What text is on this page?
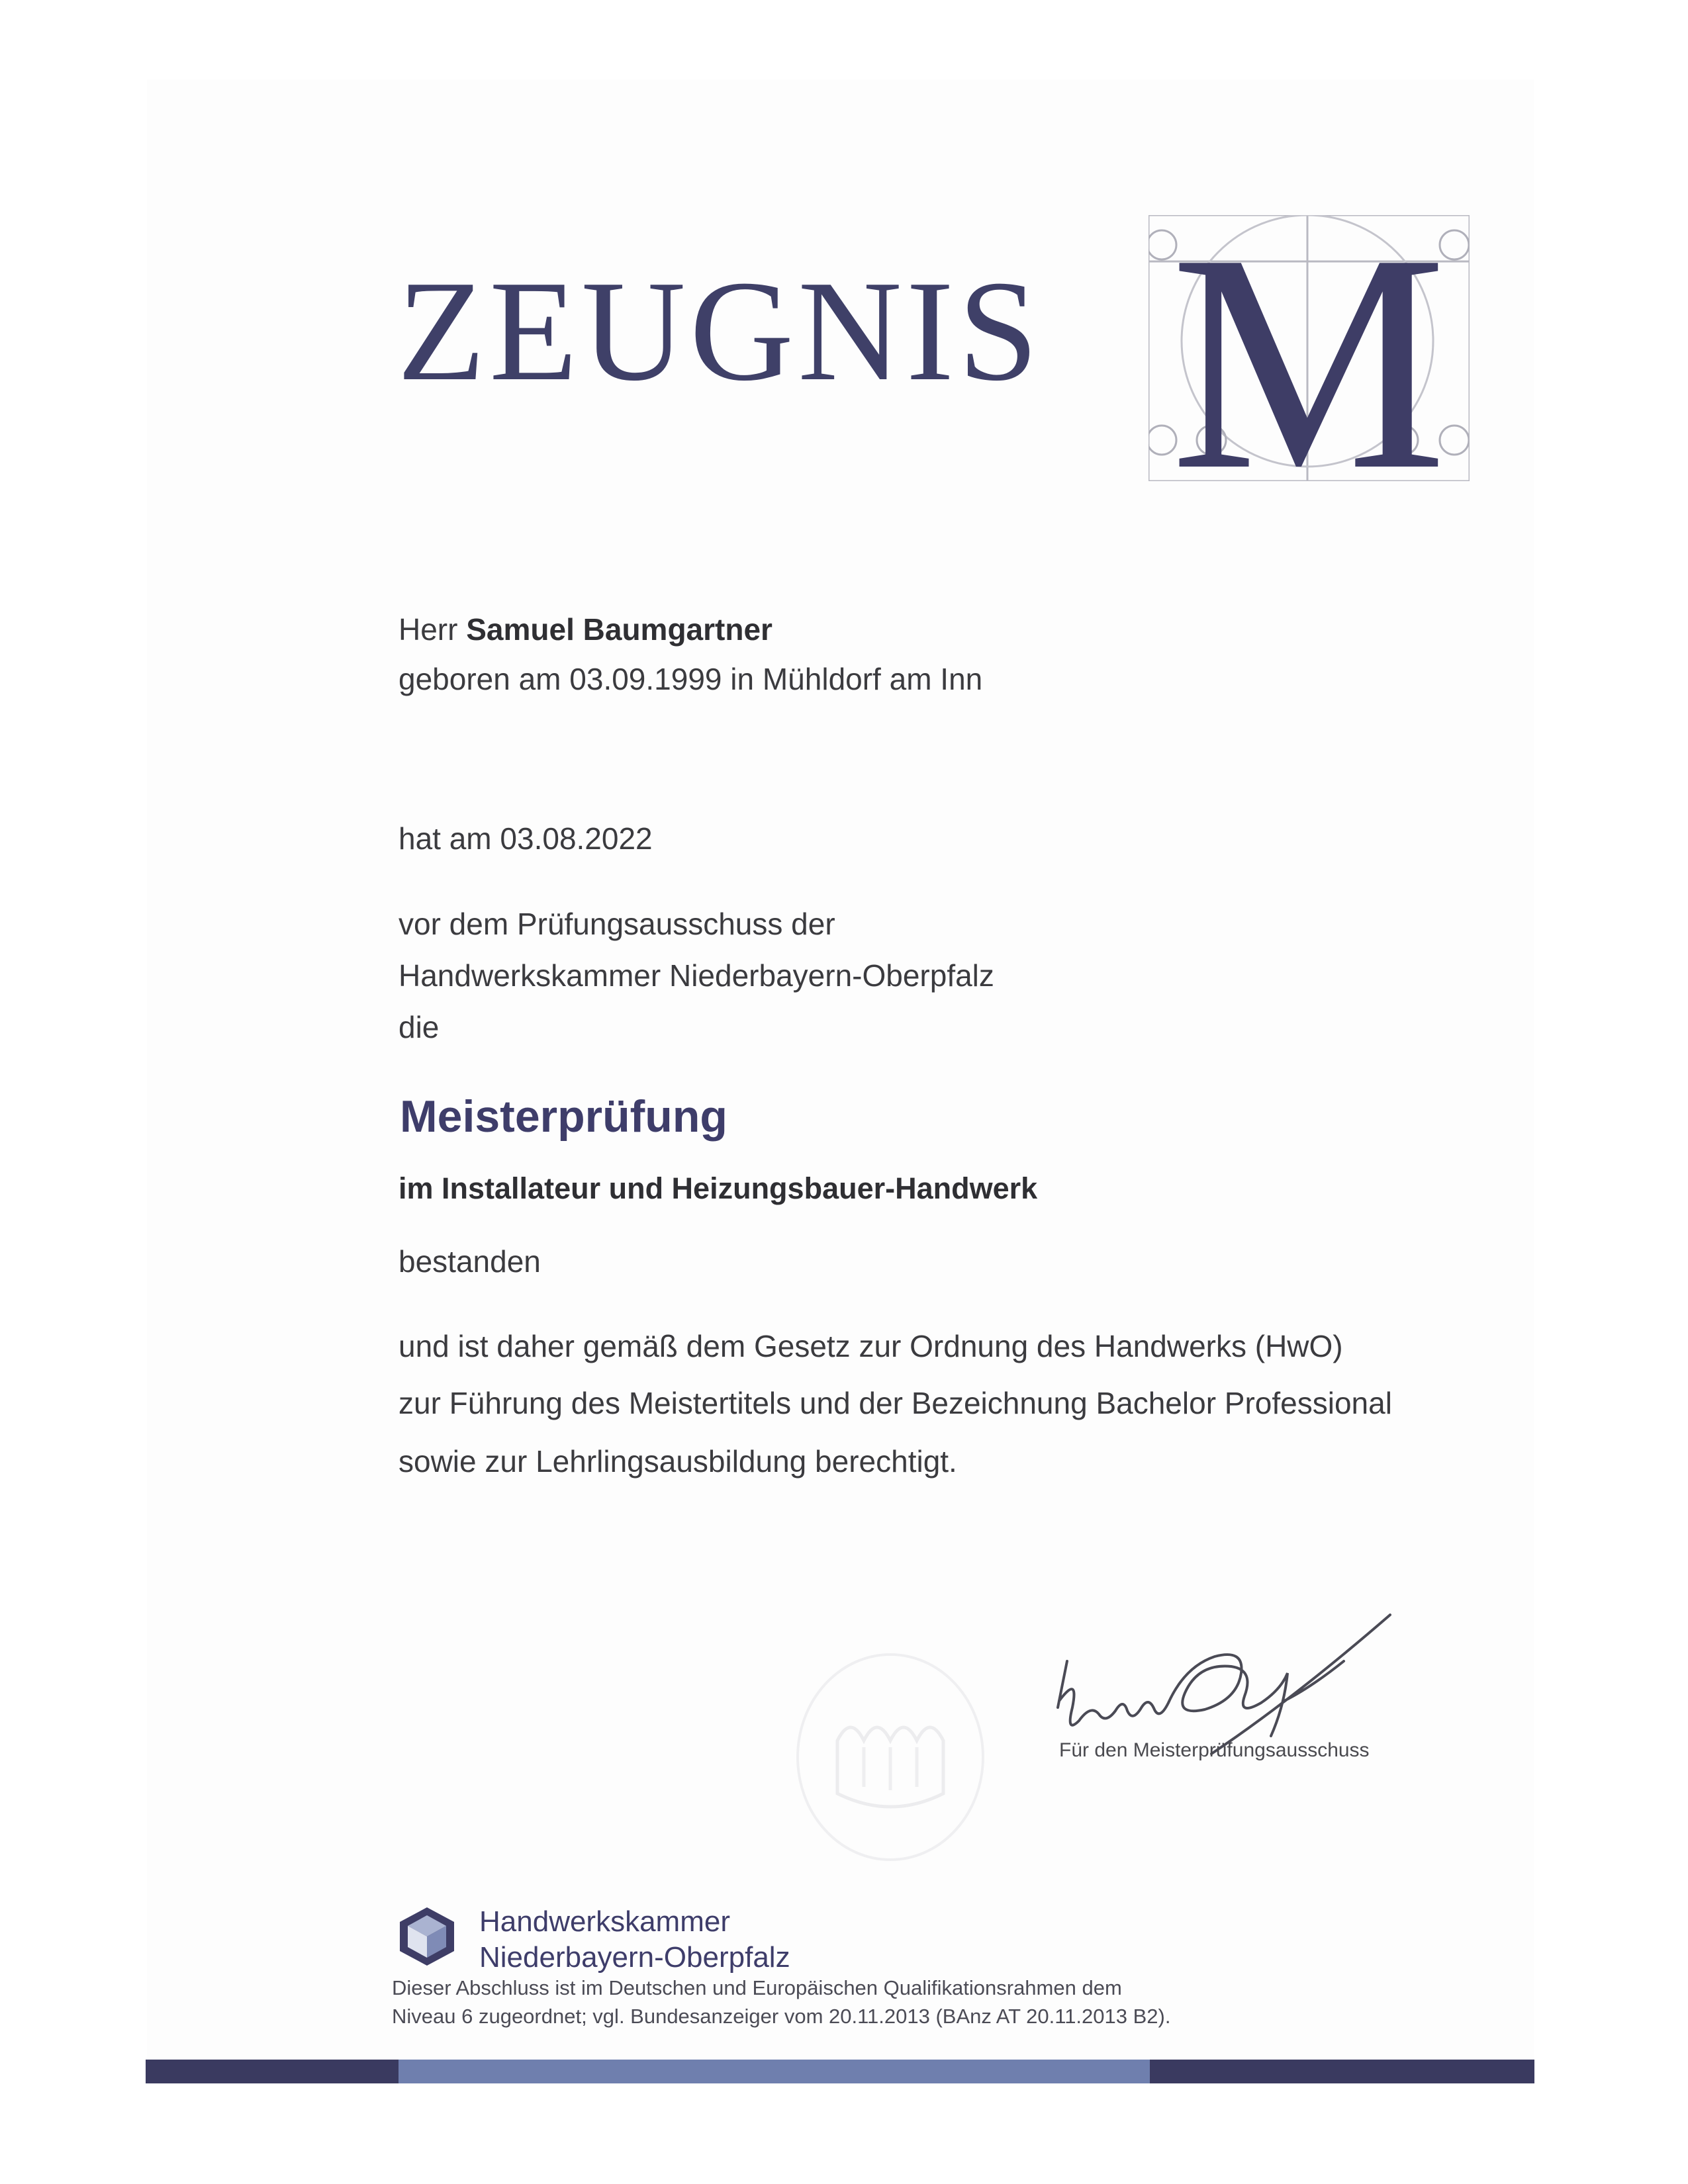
ZEUGNIS M
Herr Samuel Baumgartner
geboren am 03.09.1999 in Mühldorf am Inn
hat am 03.08.2022
vor dem Prüfungsausschuss der
Handwerkskammer Niederbayern-Oberpfalz
die
Meisterprüfung
im Installateur und Heizungsbauer-Handwerk
bestanden
und ist daher gemäß dem Gesetz zur Ordnung des Handwerks (HwO)
zur Führung des Meistertitels und der Bezeichnung Bachelor Professional
sowie zur Lehrlingsausbildung berechtigt.
Für den Meisterprüfungsausschuss
Handwerkskammer
Niederbayern-Oberpfalz
Dieser Abschluss ist im Deutschen und Europäischen Qualifikationsrahmen dem
Niveau 6 zugeordnet; vgl. Bundesanzeiger vom 20.11.2013 (BAnz AT 20.11.2013 B2).
